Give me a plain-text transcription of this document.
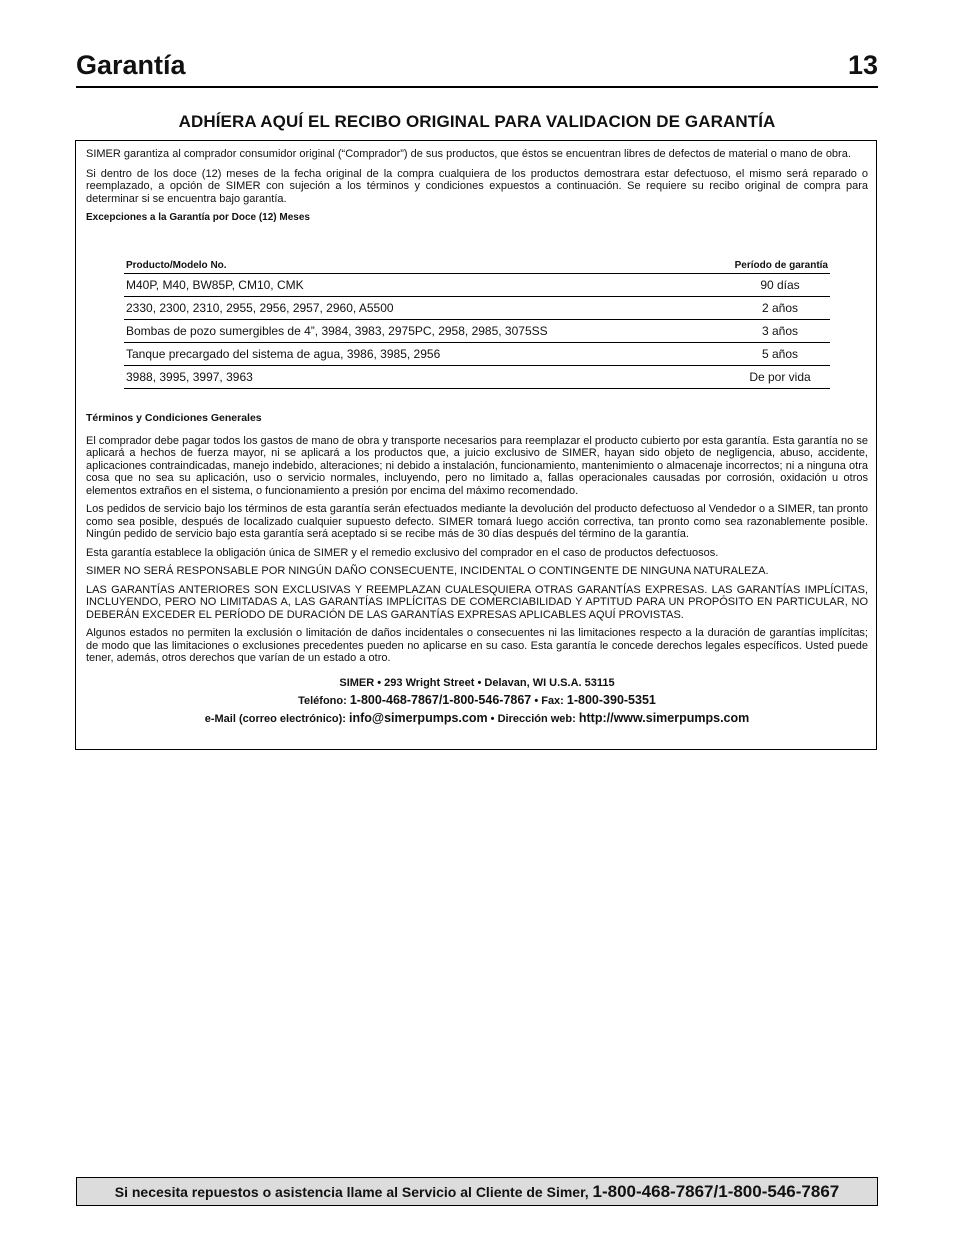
Garantía	13
ADHÍERA AQUÍ EL RECIBO ORIGINAL PARA VALIDACION DE GARANTÍA

SIMER garantiza al comprador consumidor original (“Comprador”) de sus productos, que éstos se encuentran libres de defectos de material o mano de obra.

Si dentro de los doce (12) meses de la fecha original de la compra cualquiera de los productos demostrara estar defectuoso, el mismo será reparado o reemplazado, a opción de SIMER con sujeción a los términos y condiciones expuestos a continuación. Se requiere su recibo original de compra para determinar si se encuentra bajo garantía.

Excepciones a la Garantía por Doce (12) Meses

Producto/Modelo No.	Período de garantía
M40P, M40, BW85P, CM10, CMK	90 días
2330, 2300, 2310, 2955, 2956, 2957, 2960, A5500	2 años
Bombas de pozo sumergibles de 4”, 3984, 3983, 2975PC, 2958, 2985, 3075SS	3 años
Tanque precargado del sistema de agua, 3986, 3985, 2956	5 años
3988, 3995, 3997, 3963	De por vida

Términos y Condiciones Generales

El comprador debe pagar todos los gastos de mano de obra y transporte necesarios para reemplazar el producto cubierto por esta garantía. Esta garantía no se aplicará a hechos de fuerza mayor, ni se aplicará a los productos que, a juicio exclusivo de SIMER, hayan sido objeto de negligencia, abuso, accidente, aplicaciones contraindicadas, manejo indebido, alteraciones; ni debido a instalación, funcionamiento, mantenimiento o almacenaje incorrectos; ni a ninguna otra cosa que no sea su aplicación, uso o servicio normales, incluyendo, pero no limitado a, fallas operacionales causadas por corrosión, oxidación u otros elementos extraños en el sistema, o funcionamiento a presión por encima del máximo recomendado.

Los pedidos de servicio bajo los términos de esta garantía serán efectuados mediante la devolución del producto defectuoso al Vendedor o a SIMER, tan pronto como sea posible, después de localizado cualquier supuesto defecto. SIMER tomará luego acción correctiva, tan pronto como sea razonablemente posible. Ningún pedido de servicio bajo esta garantía será aceptado si se recibe más de 30 días después del término de la garantía.

Esta garantía establece la obligación única de SIMER y el remedio exclusivo del comprador en el caso de productos defectuosos.

SIMER NO SERÁ RESPONSABLE POR NINGÚN DAÑO CONSECUENTE, INCIDENTAL O CONTINGENTE DE NINGUNA NATURALEZA.

LAS GARANTÍAS ANTERIORES SON EXCLUSIVAS Y REEMPLAZAN CUALESQUIERA OTRAS GARANTÍAS EXPRESAS. LAS GARANTÍAS IMPLÍCITAS, INCLUYENDO, PERO NO LIMITADAS A, LAS GARANTÍAS IMPLÍCITAS DE COMERCIABILIDAD Y APTITUD PARA UN PROPÓSITO EN PARTICULAR, NO DEBERÁN EXCEDER EL PERÍODO DE DURACIÓN DE LAS GARANTÍAS EXPRESAS APLICABLES AQUÍ PROVISTAS.

Algunos estados no permiten la exclusión o limitación de daños incidentales o consecuentes ni las limitaciones respecto a la duración de garantías implícitas; de modo que las limitaciones o exclusiones precedentes pueden no aplicarse en su caso. Esta garantía le concede derechos legales específicos. Usted puede tener, además, otros derechos que varían de un estado a otro.

SIMER • 293 Wright Street • Delavan, WI U.S.A. 53115
Teléfono: 1-800-468-7867/1-800-546-7867 • Fax: 1-800-390-5351
e-Mail (correo electrónico): info@simerpumps.com • Dirección web: http://www.simerpumps.com
Si necesita repuestos o asistencia llame al Servicio al Cliente de Simer, 1-800-468-7867/1-800-546-7867
